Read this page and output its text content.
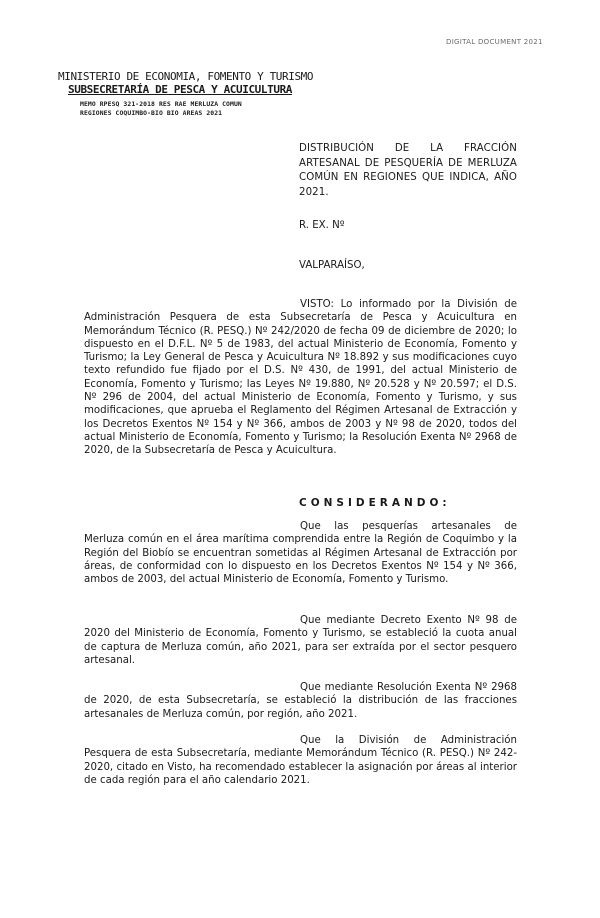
DIGITAL DOCUMENT 2021
MINISTERIO DE ECONOMIA, FOMENTO Y TURISMO
SUBSECRETARÍA DE PESCA Y ACUICULTURA
MEMO RPESQ 321-2018 RES RAE MERLUZA COMUN
REGIONES COQUIMBO-BIO BIO AREAS 2021
DISTRIBUCIÓN DE LA FRACCIÓN ARTESANAL DE PESQUERÍA DE MERLUZA COMÚN EN REGIONES QUE INDICA, AÑO 2021.
R. EX. Nº
VALPARAÍSO,

VISTO: Lo informado por la División de Administración Pesquera de esta Subsecretaría de Pesca y Acuicultura en Memorándum Técnico (R. PESQ.) Nº 242/2020 de fecha 09 de diciembre de 2020; lo dispuesto en el D.F.L. Nº 5 de 1983, del actual Ministerio de Economía, Fomento y Turismo; la Ley General de Pesca y Acuicultura Nº 18.892 y sus modificaciones cuyo texto refundido fue fijado por el D.S. Nº 430, de 1991, del actual Ministerio de Economía, Fomento y Turismo; las Leyes Nº 19.880, Nº 20.528 y Nº 20.597; el D.S. Nº 296 de 2004, del actual Ministerio de Economía, Fomento y Turismo, y sus modificaciones, que aprueba el Reglamento del Régimen Artesanal de Extracción y los Decretos Exentos Nº 154 y Nº 366, ambos de 2003 y Nº 98 de 2020, todos del actual Ministerio de Economía, Fomento y Turismo; la Resolución Exenta Nº 2968 de 2020, de la Subsecretaría de Pesca y Acuicultura.

CONSIDERANDO:

Que las pesquerías artesanales de Merluza común en el área marítima comprendida entre la Región de Coquimbo y la Región del Biobío se encuentran sometidas al Régimen Artesanal de Extracción por áreas, de conformidad con lo dispuesto en los Decretos Exentos Nº 154 y Nº 366, ambos de 2003, del actual Ministerio de Economía, Fomento y Turismo.

Que mediante Decreto Exento Nº 98 de 2020 del Ministerio de Economía, Fomento y Turismo, se estableció la cuota anual de captura de Merluza común, año 2021, para ser extraída por el sector pesquero artesanal.

Que mediante Resolución Exenta Nº 2968 de 2020, de esta Subsecretaría, se estableció la distribución de las fracciones artesanales de Merluza común, por región, año 2021.

Que la División de Administración Pesquera de esta Subsecretaría, mediante Memorándum Técnico (R. PESQ.) Nº 242-2020, citado en Visto, ha recomendado establecer la asignación por áreas al interior de cada región para el año calendario 2021.
